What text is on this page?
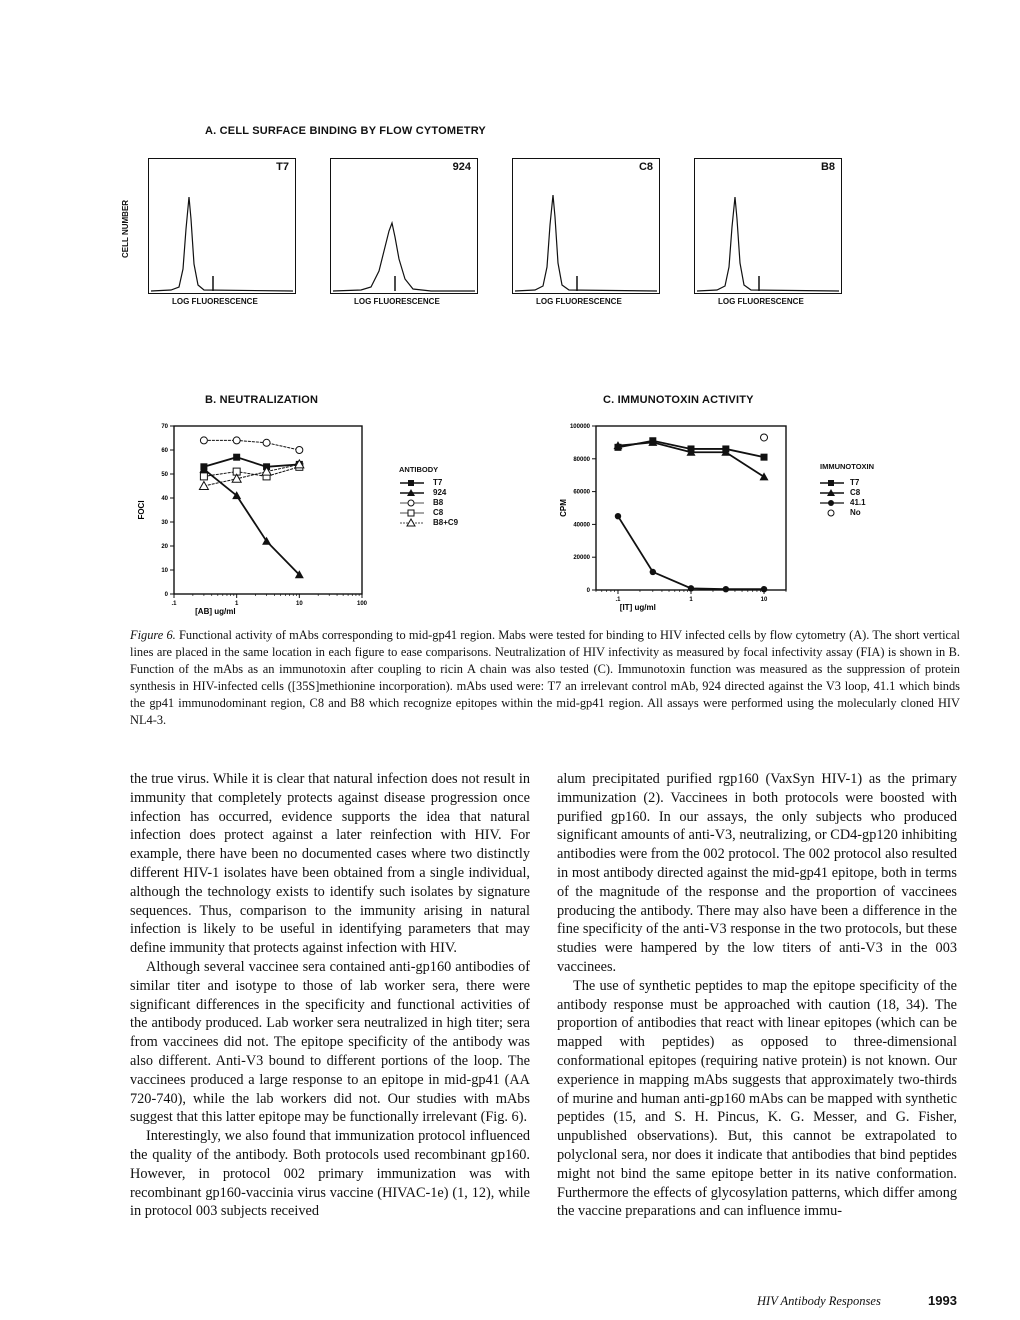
A. CELL SURFACE BINDING BY FLOW CYTOMETRY
CELL NUMBER
T7	924	C8	B8
LOG FLUORESCENCE	LOG FLUORESCENCE	LOG FLUORESCENCE	LOG FLUORESCENCE
B. NEUTRALIZATION	C. IMMUNOTOXIN ACTIVITY
0
10
20
30
40
50
60
70
.1	1	10	100
[AB] ug/ml
FOCI
ANTIBODY
T7
924
B8
C8
B8+C9
0
20000
40000
60000
80000
100000
.1	1	10
[IT] ug/ml
CPM
IMMUNOTOXIN
T7
C8
41.1
No
Figure 6. Functional activity of mAbs corresponding to mid-gp41 region. Mabs were tested for binding to HIV infected cells by flow cytometry (A). The short vertical lines are placed in the same location in each figure to ease comparisons. Neutralization of HIV infectivity as measured by focal infectivity assay (FIA) is shown in B. Function of the mAbs as an immunotoxin after coupling to ricin A chain was also tested (C). Immunotoxin function was measured as the suppression of protein synthesis in HIV-infected cells ([35S]methionine incorporation). mAbs used were: T7 an irrelevant control mAb, 924 directed against the V3 loop, 41.1 which binds the gp41 immunodominant region, C8 and B8 which recognize epitopes within the mid-gp41 region. All assays were performed using the molecularly cloned HIV NL4-3.

the true virus. While it is clear that natural infection does not result in immunity that completely protects against disease progression once infection has occurred, evidence supports the idea that natural infection does protect against a later reinfection with HIV. For example, there have been no documented cases where two distinctly different HIV-1 isolates have been obtained from a single individual, although the technology exists to identify such isolates by signature sequences. Thus, comparison to the immunity arising in natural infection is likely to be useful in identifying parameters that may define immunity that protects against infection with HIV.

Although several vaccinee sera contained anti-gp160 antibodies of similar titer and isotype to those of lab worker sera, there were significant differences in the specificity and functional activities of the antibody produced. Lab worker sera neutralized in high titer; sera from vaccinees did not. The epitope specificity of the antibody was also different. Anti-V3 bound to different portions of the loop. The vaccinees produced a large response to an epitope in mid-gp41 (AA 720-740), while the lab workers did not. Our studies with mAbs suggest that this latter epitope may be functionally irrelevant (Fig. 6).

Interestingly, we also found that immunization protocol influenced the quality of the antibody. Both protocols used recombinant gp160. However, in protocol 002 primary immunization was with recombinant gp160-vaccinia virus vaccine (HIVAC-1e) (1, 12), while in protocol 003 subjects received

alum precipitated purified rgp160 (VaxSyn HIV-1) as the primary immunization (2). Vaccinees in both protocols were boosted with purified gp160. In our assays, the only subjects who produced significant amounts of anti-V3, neutralizing, or CD4-gp120 inhibiting antibodies were from the 002 protocol. The 002 protocol also resulted in most antibody directed against the mid-gp41 epitope, both in terms of the magnitude of the response and the proportion of vaccinees producing the antibody. There may also have been a difference in the fine specificity of the anti-V3 response in the two protocols, but these studies were hampered by the low titers of anti-V3 in the 003 vaccinees.

The use of synthetic peptides to map the epitope specificity of the antibody response must be approached with caution (18, 34). The proportion of antibodies that react with linear epitopes (which can be mapped with peptides) as opposed to three-dimensional conformational epitopes (requiring native protein) is not known. Our experience in mapping mAbs suggests that approximately two-thirds of murine and human anti-gp160 mAbs can be mapped with synthetic peptides (15, and S. H. Pincus, K. G. Messer, and G. Fisher, unpublished observations). But, this cannot be extrapolated to polyclonal sera, nor does it indicate that antibodies that bind peptides might not bind the same epitope better in its native conformation. Furthermore the effects of glycosylation patterns, which differ among the vaccine preparations and can influence immu-

HIV Antibody Responses	1993
